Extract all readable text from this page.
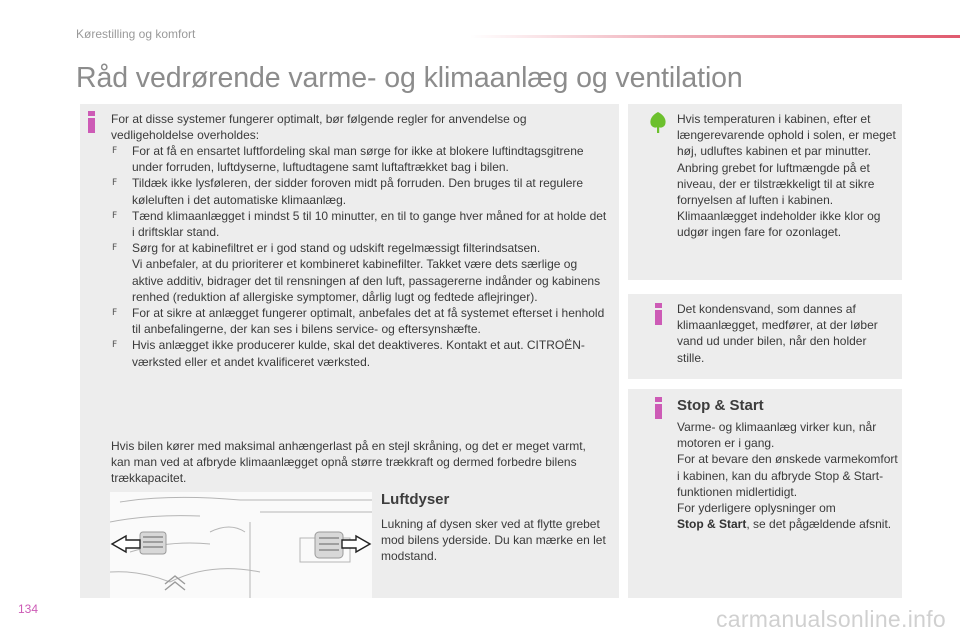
Kørestilling og komfort
Råd vedrørende varme- og klimaanlæg og ventilation

For at disse systemer fungerer optimalt, bør følgende regler for anvendelse og vedligeholdelse overholdes:

F For at få en ensartet luftfordeling skal man sørge for ikke at blokere luftindtagsgitrene under forruden, luftdyserne, luftudtagene samt luftaftrækket bag i bilen.
F Tildæk ikke lysføleren, der sidder foroven midt på forruden. Den bruges til at regulere køleluften i det automatiske klimaanlæg.
F Tænd klimaanlægget i mindst 5 til 10 minutter, en til to gange hver måned for at holde det i driftsklar stand.
F Sørg for at kabinefiltret er i god stand og udskift regelmæssigt filterindsatsen.
Vi anbefaler, at du prioriterer et kombineret kabinefilter. Takket være dets særlige og aktive additiv, bidrager det til rensningen af den luft, passagererne indånder og kabinens renhed (reduktion af allergiske symptomer, dårlig lugt og fedtede aflejringer).
F For at sikre at anlægget fungerer optimalt, anbefales det at få systemet efterset i henhold til anbefalingerne, der kan ses i bilens service- og eftersynshæfte.
F Hvis anlægget ikke producerer kulde, skal det deaktiveres. Kontakt et aut. CITROËN-værksted eller et andet kvalificeret værksted.

Hvis bilen kører med maksimal anhængerlast på en stejl skråning, og det er meget varmt, kan man ved at afbryde klimaanlægget opnå større trækkraft og dermed forbedre bilens trækkapacitet.

Luftdyser

Lukning af dysen sker ved at flytte grebet mod bilens yderside. Du kan mærke en let modstand.

Hvis temperaturen i kabinen, efter et længerevarende ophold i solen, er meget høj, udluftes kabinen et par minutter.

Anbring grebet for luftmængde på et niveau, der er tilstrækkeligt til at sikre fornyelsen af luften i kabinen.

Klimaanlægget indeholder ikke klor og udgør ingen fare for ozonlaget.

Det kondensvand, som dannes af klimaanlægget, medfører, at der løber vand ud under bilen, når den holder stille.

Stop & Start

Varme- og klimaanlæg virker kun, når motoren er i gang.

For at bevare den ønskede varmekomfort i kabinen, kan du afbryde Stop & Start-funktionen midlertidigt.

For yderligere oplysninger om
Stop & Start, se det pågældende afsnit.

134	carmanualsonline.info
